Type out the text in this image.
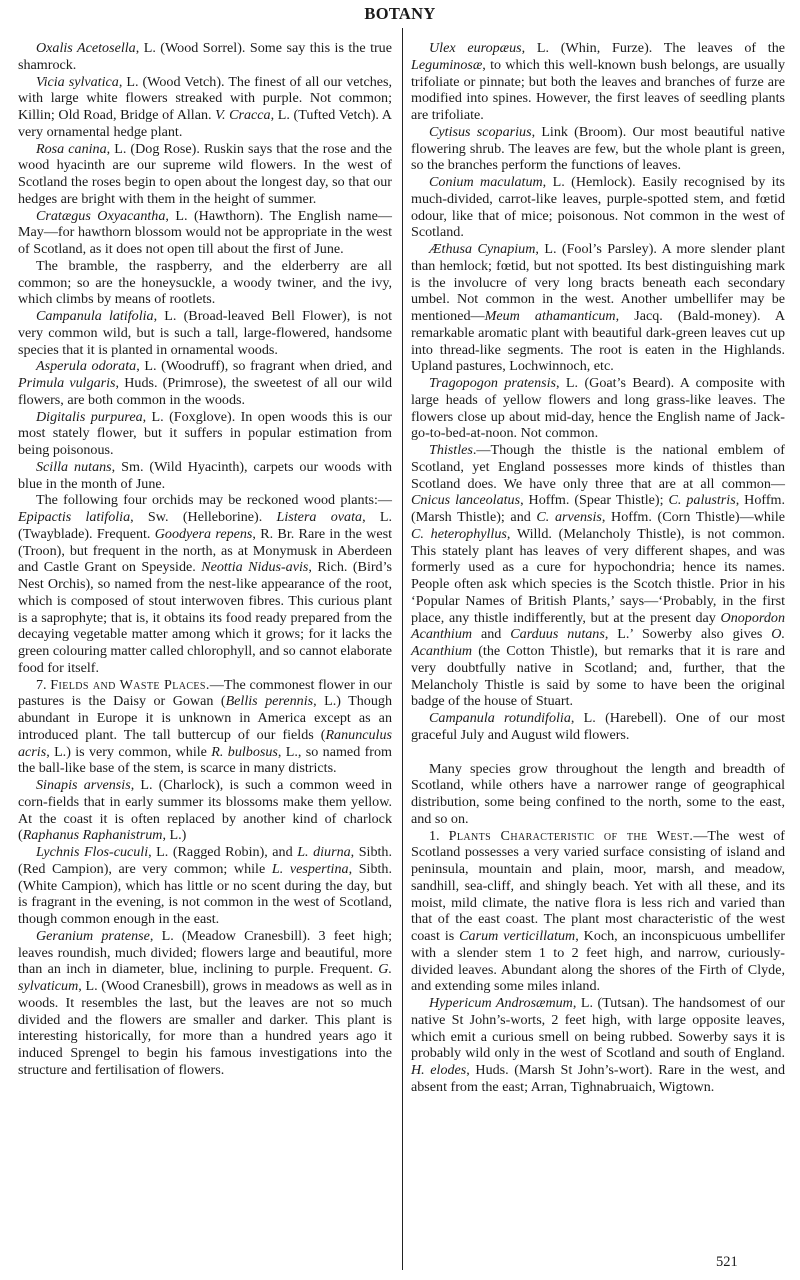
BOTANY

Oxalis Acetosella, L. (Wood Sorrel). Some say this is the true shamrock.

Vicia sylvatica, L. (Wood Vetch). The finest of all our vetches, with large white flowers streaked with purple. Not common; Killin; Old Road, Bridge of Allan. V. Cracca, L. (Tufted Vetch). A very ornamental hedge plant.

Rosa canina, L. (Dog Rose). Ruskin says that the rose and the wood hyacinth are our supreme wild flowers. In the west of Scotland the roses begin to open about the longest day, so that our hedges are bright with them in the height of summer.

Cratægus Oxyacantha, L. (Hawthorn). The English name—May—for hawthorn blossom would not be appropriate in the west of Scotland, as it does not open till about the first of June.

The bramble, the raspberry, and the elderberry are all common; so are the honeysuckle, a woody twiner, and the ivy, which climbs by means of rootlets.

Campanula latifolia, L. (Broad-leaved Bell Flower), is not very common wild, but is such a tall, large-flowered, handsome species that it is planted in ornamental woods.

Asperula odorata, L. (Woodruff), so fragrant when dried, and Primula vulgaris, Huds. (Primrose), the sweetest of all our wild flowers, are both common in the woods.

Digitalis purpurea, L. (Foxglove). In open woods this is our most stately flower, but it suffers in popular estimation from being poisonous.

Scilla nutans, Sm. (Wild Hyacinth), carpets our woods with blue in the month of June.

The following four orchids may be reckoned wood plants:—Epipactis latifolia, Sw. (Helleborine). Listera ovata, L. (Twayblade). Frequent. Goodyera repens, R. Br. Rare in the west (Troon), but frequent in the north, as at Monymusk in Aberdeen and Castle Grant on Speyside. Neottia Nidus-avis, Rich. (Bird’s Nest Orchis), so named from the nest-like appearance of the root, which is composed of stout interwoven fibres. This curious plant is a saprophyte; that is, it obtains its food ready prepared from the decaying vegetable matter among which it grows; for it lacks the green colouring matter called chlorophyll, and so cannot elaborate food for itself.

7. Fields and Waste Places.—The commonest flower in our pastures is the Daisy or Gowan (Bellis perennis, L.) Though abundant in Europe it is unknown in America except as an introduced plant. The tall buttercup of our fields (Ranunculus acris, L.) is very common, while R. bulbosus, L., so named from the ball-like base of the stem, is scarce in many districts.

Sinapis arvensis, L. (Charlock), is such a common weed in corn-fields that in early summer its blossoms make them yellow. At the coast it is often replaced by another kind of charlock (Raphanus Raphanistrum, L.)

Lychnis Flos-cuculi, L. (Ragged Robin), and L. diurna, Sibth. (Red Campion), are very common; while L. vespertina, Sibth. (White Campion), which has little or no scent during the day, but is fragrant in the evening, is not common in the west of Scotland, though common enough in the east.

Geranium pratense, L. (Meadow Cranesbill). 3 feet high; leaves roundish, much divided; flowers large and beautiful, more than an inch in diameter, blue, inclining to purple. Frequent. G. sylvaticum, L. (Wood Cranesbill), grows in meadows as well as in woods. It resembles the last, but the leaves are not so much divided and the flowers are smaller and darker. This plant is interesting historically, for more than a hundred years ago it induced Sprengel to begin his famous investigations into the structure and fertilisation of flowers.

Ulex europæus, L. (Whin, Furze). The leaves of the Leguminosæ, to which this well-known bush belongs, are usually trifoliate or pinnate; but both the leaves and branches of furze are modified into spines. However, the first leaves of seedling plants are trifoliate.

Cytisus scoparius, Link (Broom). Our most beautiful native flowering shrub. The leaves are few, but the whole plant is green, so the branches perform the functions of leaves.

Conium maculatum, L. (Hemlock). Easily recognised by its much-divided, carrot-like leaves, purple-spotted stem, and fœtid odour, like that of mice; poisonous. Not common in the west of Scotland.

Æthusa Cynapium, L. (Fool’s Parsley). A more slender plant than hemlock; fœtid, but not spotted. Its best distinguishing mark is the involucre of very long bracts beneath each secondary umbel. Not common in the west. Another umbellifer may be mentioned—Meum athamanticum, Jacq. (Bald-money). A remarkable aromatic plant with beautiful dark-green leaves cut up into thread-like segments. The root is eaten in the Highlands. Upland pastures, Lochwinnoch, etc.

Tragopogon pratensis, L. (Goat’s Beard). A composite with large heads of yellow flowers and long grass-like leaves. The flowers close up about mid-day, hence the English name of Jack-go-to-bed-at-noon. Not common.

Thistles.—Though the thistle is the national emblem of Scotland, yet England possesses more kinds of thistles than Scotland does. We have only three that are at all common—Cnicus lanceolatus, Hoffm. (Spear Thistle); C. palustris, Hoffm. (Marsh Thistle); and C. arvensis, Hoffm. (Corn Thistle)—while C. heterophyllus, Willd. (Melancholy Thistle), is not common. This stately plant has leaves of very different shapes, and was formerly used as a cure for hypochondria; hence its names. People often ask which species is the Scotch thistle. Prior in his ‘Popular Names of British Plants,’ says—‘Probably, in the first place, any thistle indifferently, but at the present day Onopordon Acanthium and Carduus nutans, L.’ Sowerby also gives O. Acanthium (the Cotton Thistle), but remarks that it is rare and very doubtfully native in Scotland; and, further, that the Melancholy Thistle is said by some to have been the original badge of the house of Stuart.

Campanula rotundifolia, L. (Harebell). One of our most graceful July and August wild flowers.

Many species grow throughout the length and breadth of Scotland, while others have a narrower range of geographical distribution, some being confined to the north, some to the east, and so on.

1. Plants Characteristic of the West.—The west of Scotland possesses a very varied surface consisting of island and peninsula, mountain and plain, moor, marsh, and meadow, sandhill, sea-cliff, and shingly beach. Yet with all these, and its moist, mild climate, the native flora is less rich and varied than that of the east coast. The plant most characteristic of the west coast is Carum verticillatum, Koch, an inconspicuous umbellifer with a slender stem 1 to 2 feet high, and narrow, curiously-divided leaves. Abundant along the shores of the Firth of Clyde, and extending some miles inland.

Hypericum Androsæmum, L. (Tutsan). The handsomest of our native St John’s-worts, 2 feet high, with large opposite leaves, which emit a curious smell on being rubbed. Sowerby says it is probably wild only in the west of Scotland and south of England. H. elodes, Huds. (Marsh St John’s-wort). Rare in the west, and absent from the east; Arran, Tighnabruaich, Wigtown.

521
